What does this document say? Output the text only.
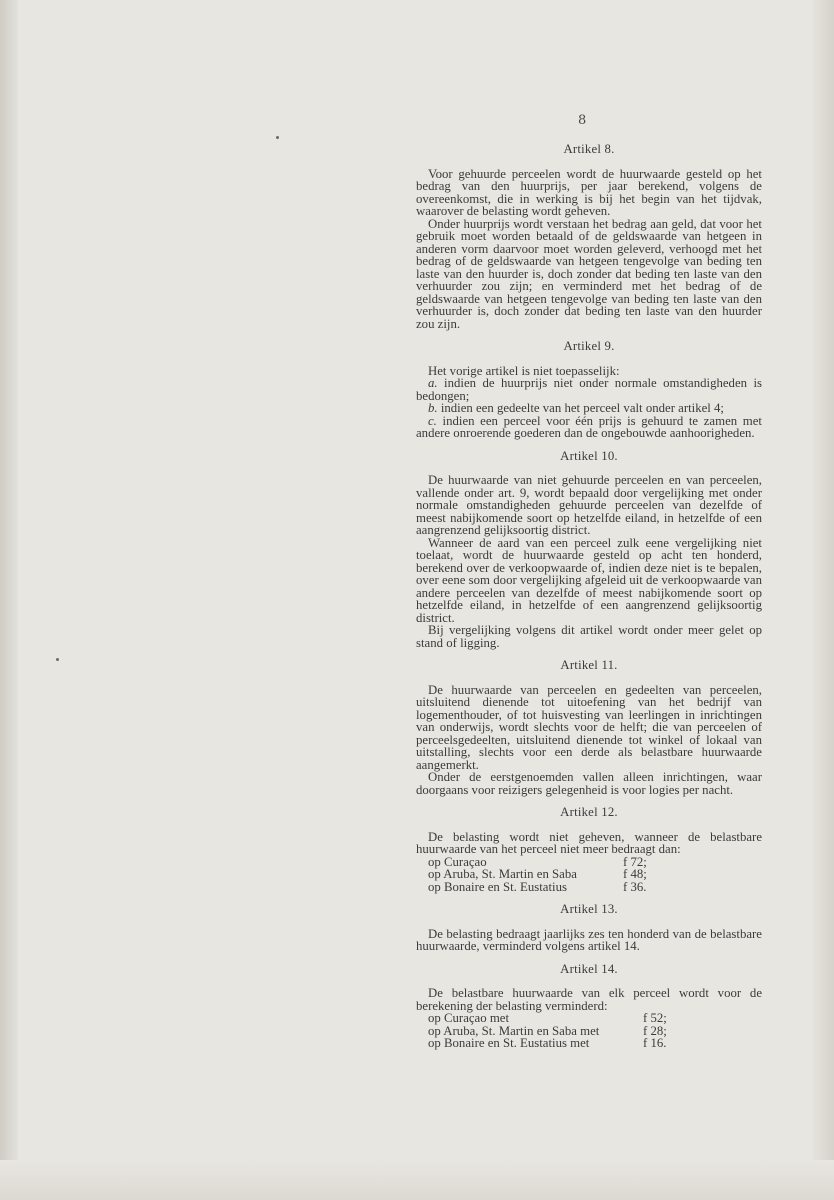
8
Artikel 8.

Voor gehuurde perceelen wordt de huurwaarde gesteld op het bedrag van den huurprijs, per jaar berekend, volgens de overeenkomst, die in werking is bij het begin van het tijdvak, waarover de belasting wordt geheven.

Onder huurprijs wordt verstaan het bedrag aan geld, dat voor het gebruik moet worden betaald of de geldswaarde van hetgeen in anderen vorm daarvoor moet worden geleverd, verhoogd met het bedrag of de geldswaarde van hetgeen tengevolge van beding ten laste van den huurder is, doch zonder dat beding ten laste van den verhuurder zou zijn; en verminderd met het bedrag of de geldswaarde van hetgeen tengevolge van beding ten laste van den verhuurder is, doch zonder dat beding ten laste van den huurder zou zijn.

Artikel 9.

Het vorige artikel is niet toepasselijk:

a. indien de huurprijs niet onder normale omstandigheden is bedongen;

b. indien een gedeelte van het perceel valt onder artikel 4;

c. indien een perceel voor één prijs is gehuurd te zamen met andere onroerende goederen dan de ongebouwde aanhoorigheden.

Artikel 10.

De huurwaarde van niet gehuurde perceelen en van perceelen, vallende onder art. 9, wordt bepaald door vergelijking met onder normale omstandigheden gehuurde perceelen van dezelfde of meest nabijkomende soort op hetzelfde eiland, in hetzelfde of een aangrenzend gelijksoortig district.

Wanneer de aard van een perceel zulk eene vergelijking niet toelaat, wordt de huurwaarde gesteld op acht ten honderd, berekend over de verkoopwaarde of, indien deze niet is te bepalen, over eene som door vergelijking afgeleid uit de verkoopwaarde van andere perceelen van dezelfde of meest nabijkomende soort op hetzelfde eiland, in hetzelfde of een aangrenzend gelijksoortig district.

Bij vergelijking volgens dit artikel wordt onder meer gelet op stand of ligging.

Artikel 11.

De huurwaarde van perceelen en gedeelten van perceelen, uitsluitend dienende tot uitoefening van het bedrijf van logementhouder, of tot huisvesting van leerlingen in inrichtingen van onderwijs, wordt slechts voor de helft; die van perceelen of perceelsgedeelten, uitsluitend dienende tot winkel of lokaal van uitstalling, slechts voor een derde als belastbare huurwaarde aangemerkt.

Onder de eerstgenoemden vallen alleen inrichtingen, waar doorgaans voor reizigers gelegenheid is voor logies per nacht.

Artikel 12.

De belasting wordt niet geheven, wanneer de belastbare huurwaarde van het perceel niet meer bedraagt dan:

op Curaçao	f 72;
op Aruba, St. Martin en Saba	f 48;
op Bonaire en St. Eustatius	f 36.
Artikel 13.

De belasting bedraagt jaarlijks zes ten honderd van de belastbare huurwaarde, verminderd volgens artikel 14.

Artikel 14.

De belastbare huurwaarde van elk perceel wordt voor de berekening der belasting verminderd:

op Curaçao met	f 52;
op Aruba, St. Martin en Saba met	f 28;
op Bonaire en St. Eustatius met	f 16.
